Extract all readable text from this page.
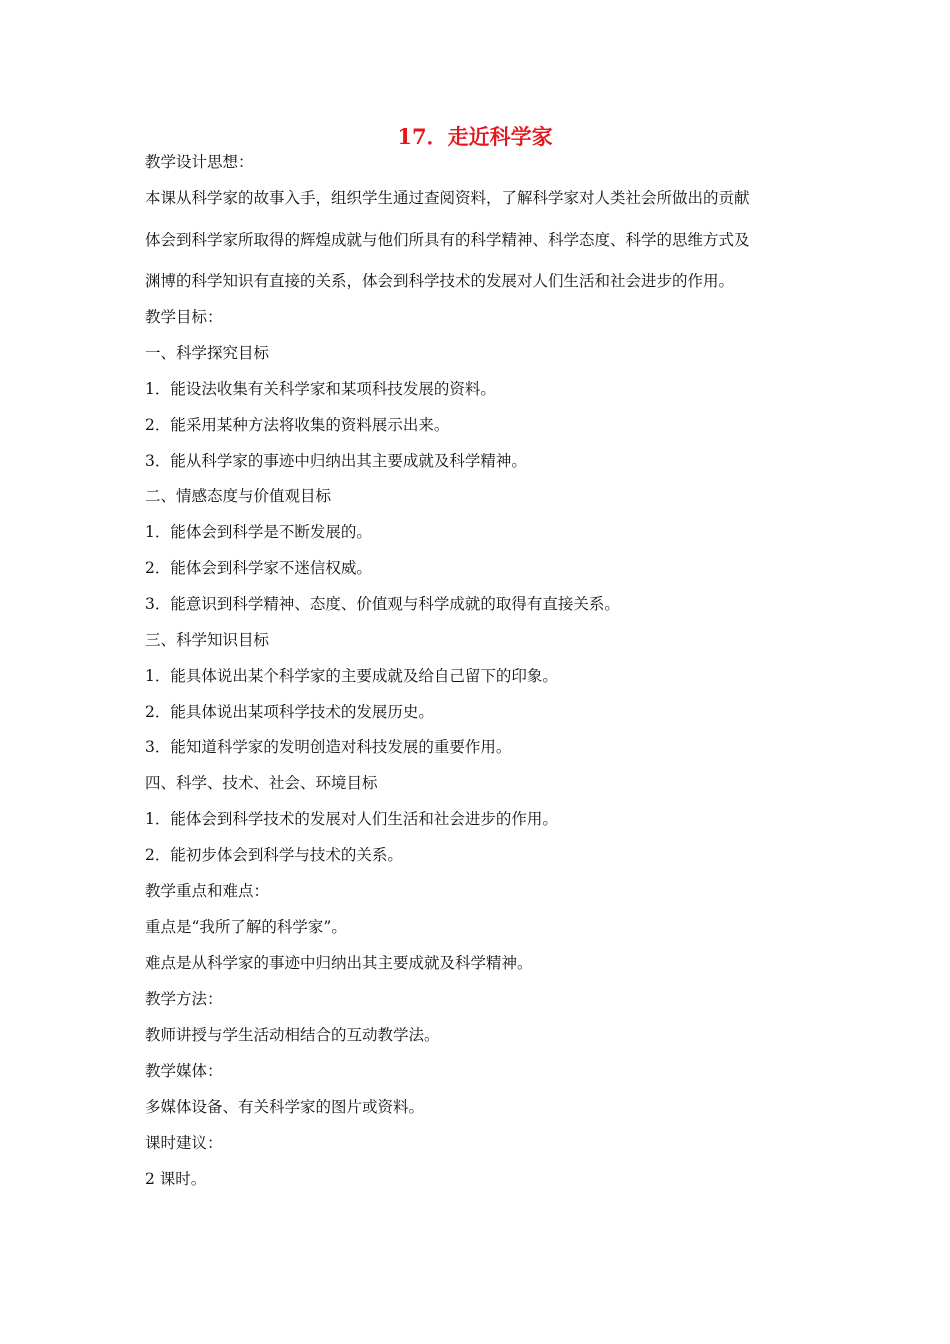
17．走近科学家
教学设计思想：
本课从科学家的故事入手，组织学生通过查阅资料，了解科学家对人类社会所做出的贡献
体会到科学家所取得的辉煌成就与他们所具有的科学精神、科学态度、科学的思维方式及
渊博的科学知识有直接的关系，体会到科学技术的发展对人们生活和社会进步的作用。
教学目标：
一、科学探究目标
1．能设法收集有关科学家和某项科技发展的资料。
2．能采用某种方法将收集的资料展示出来。
3．能从科学家的事迹中归纳出其主要成就及科学精神。
二、情感态度与价值观目标
1．能体会到科学是不断发展的。
2．能体会到科学家不迷信权威。
3．能意识到科学精神、态度、价值观与科学成就的取得有直接关系。
三、科学知识目标
1．能具体说出某个科学家的主要成就及给自己留下的印象。
2．能具体说出某项科学技术的发展历史。
3．能知道科学家的发明创造对科技发展的重要作用。
四、科学、技术、社会、环境目标
1．能体会到科学技术的发展对人们生活和社会进步的作用。
2．能初步体会到科学与技术的关系。
教学重点和难点：
重点是“我所了解的科学家”。
难点是从科学家的事迹中归纳出其主要成就及科学精神。
教学方法：
教师讲授与学生活动相结合的互动教学法。
教学媒体：
多媒体设备、有关科学家的图片或资料。
课时建议：
2 课时。
